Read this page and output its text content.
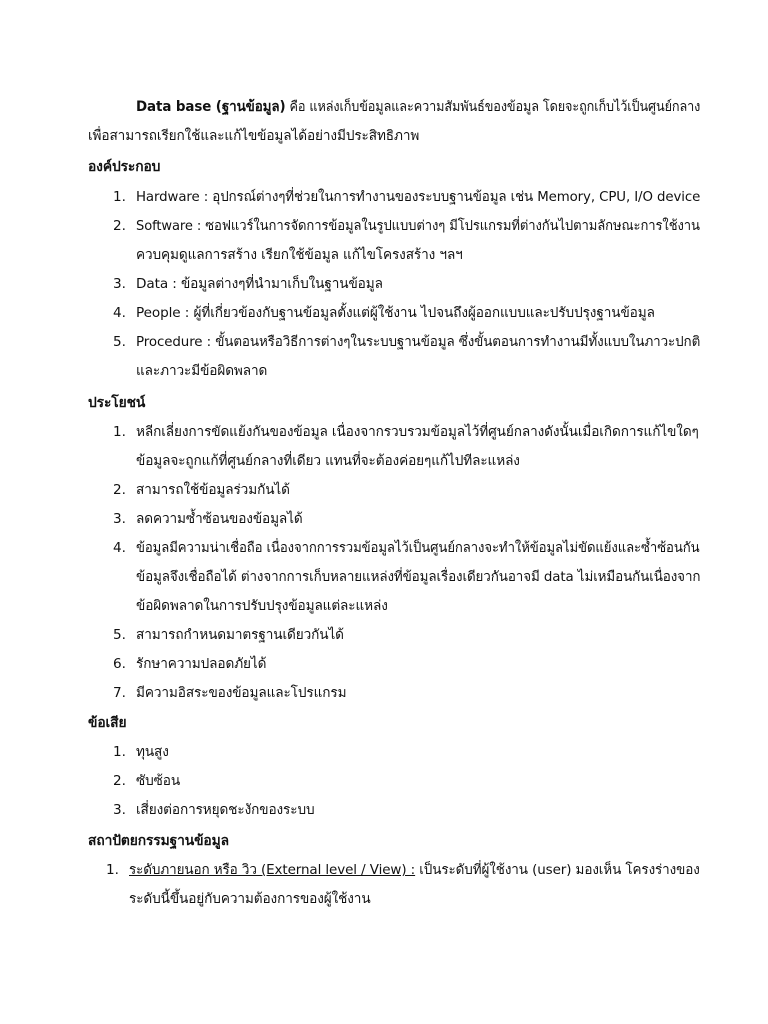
Data base (ฐานข้อมูล) คือ แหล่งเก็บข้อมูลและความสัมพันธ์ของข้อมูล โดยจะถูกเก็บไว้เป็นศูนย์กลาง
เพื่อสามารถเรียกใช้และแก้ไขข้อมูลได้อย่างมีประสิทธิภาพ
องค์ประกอบ
1. Hardware : อุปกรณ์ต่างๆที่ช่วยในการทำงานของระบบฐานข้อมูล เช่น Memory, CPU, I/O device
2. Software : ซอฟแวร์ในการจัดการข้อมูลในรูปแบบต่างๆ มีโปรแกรมที่ต่างกันไปตามลักษณะการใช้งาน
ควบคุมดูแลการสร้าง เรียกใช้ข้อมูล แก้ไขโครงสร้าง ฯลฯ
3. Data : ข้อมูลต่างๆที่นำมาเก็บในฐานข้อมูล
4. People : ผู้ที่เกี่ยวข้องกับฐานข้อมูลตั้งแต่ผู้ใช้งาน ไปจนถึงผู้ออกแบบและปรับปรุงฐานข้อมูล
5. Procedure : ขั้นตอนหรือวิธีการต่างๆในระบบฐานข้อมูล ซึ่งขั้นตอนการทำงานมีทั้งแบบในภาวะปกติ
และภาวะมีข้อผิดพลาด
ประโยชน์
1. หลีกเลี่ยงการขัดแย้งกันของข้อมูล เนื่องจากรวบรวมข้อมูลไว้ที่ศูนย์กลางดังนั้นเมื่อเกิดการแก้ไขใดๆ
ข้อมูลจะถูกแก้ที่ศูนย์กลางที่เดียว แทนที่จะต้องค่อยๆแก้ไปทีละแหล่ง
2. สามารถใช้ข้อมูลร่วมกันได้
3. ลดความซ้ำซ้อนของข้อมูลได้
4. ข้อมูลมีความน่าเชื่อถือ เนื่องจากการรวมข้อมูลไว้เป็นศูนย์กลางจะทำให้ข้อมูลไม่ขัดแย้งและซ้ำซ้อนกัน
ข้อมูลจึงเชื่อถือได้ ต่างจากการเก็บหลายแหล่งที่ข้อมูลเรื่องเดียวกันอาจมี data ไม่เหมือนกันเนื่องจาก
ข้อผิดพลาดในการปรับปรุงข้อมูลแต่ละแหล่ง
5. สามารถกำหนดมาตรฐานเดียวกันได้
6. รักษาความปลอดภัยได้
7. มีความอิสระของข้อมูลและโปรแกรม
ข้อเสีย
1. ทุนสูง
2. ซับซ้อน
3. เสี่ยงต่อการหยุดชะงักของระบบ
สถาปัตยกรรมฐานข้อมูล
1. ระดับภายนอก หรือ วิว (External level / View) : เป็นระดับที่ผู้ใช้งาน (user) มองเห็น โครงร่างของ
ระดับนี้ขึ้นอยู่กับความต้องการของผู้ใช้งาน
